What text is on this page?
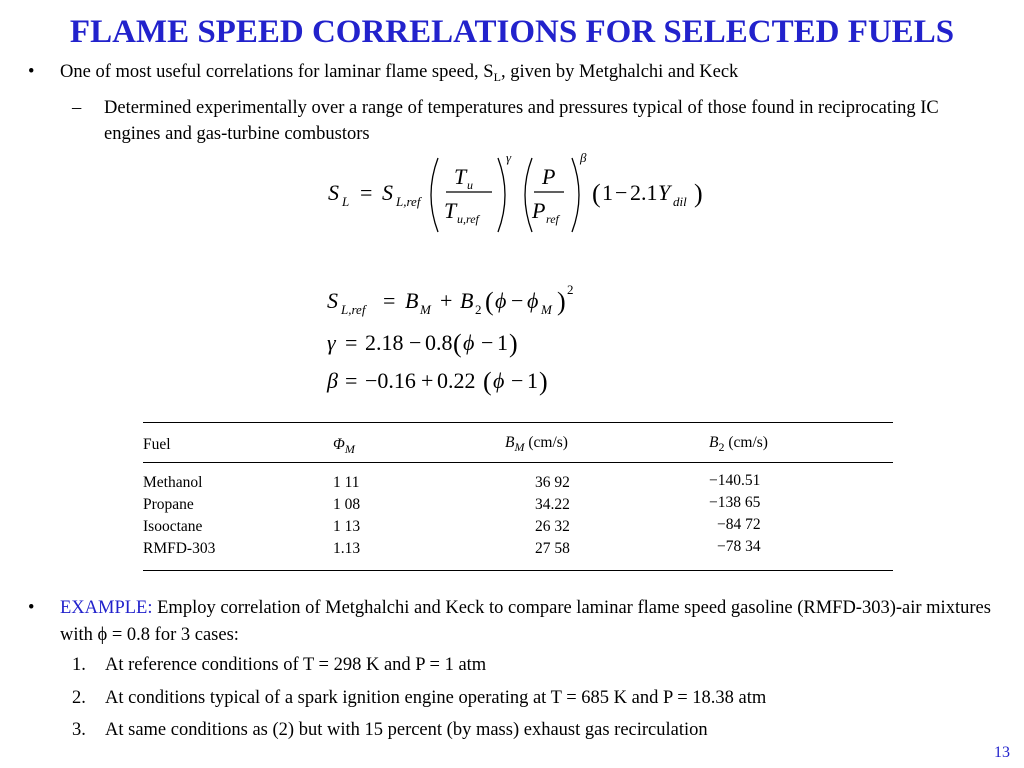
FLAME SPEED CORRELATIONS FOR SELECTED FUELS
• One of most useful correlations for laminar flame speed, $S_L$, given by Metghalchi and Keck
– Determined experimentally over a range of temperatures and pressures typical of those found in reciprocating IC engines and gas-turbine combustors
S L = S L,ref
T u
T u,ref
γ
P
P ref
β
( 1 − 2.1 Y dil )
S L,ref = B M + B 2 ( ϕ − ϕ M ) 2
γ = 2.18 − 0.8 ( ϕ − 1 )
β = −0.16 + 0.22 ( ϕ − 1 )
Fuel	$\Phi_M$	$B_M$ (cm/s)	$B_2$ (cm/s)
Methanol	1 11	36 92	−140.51
Propane	1 08	34.22	−138 65
Isooctane	1 13	26 32	−84 72
RMFD-303	1.13	27 58	−78 34
• EXAMPLE: Employ correlation of Metghalchi and Keck to compare laminar flame speed gasoline (RMFD-303)-air mixtures with ϕ = 0.8 for 3 cases:
1. At reference conditions of T = 298 K and P = 1 atm
2. At conditions typical of a spark ignition engine operating at T = 685 K and P = 18.38 atm
3. At same conditions as (2) but with 15 percent (by mass) exhaust gas recirculation
13
